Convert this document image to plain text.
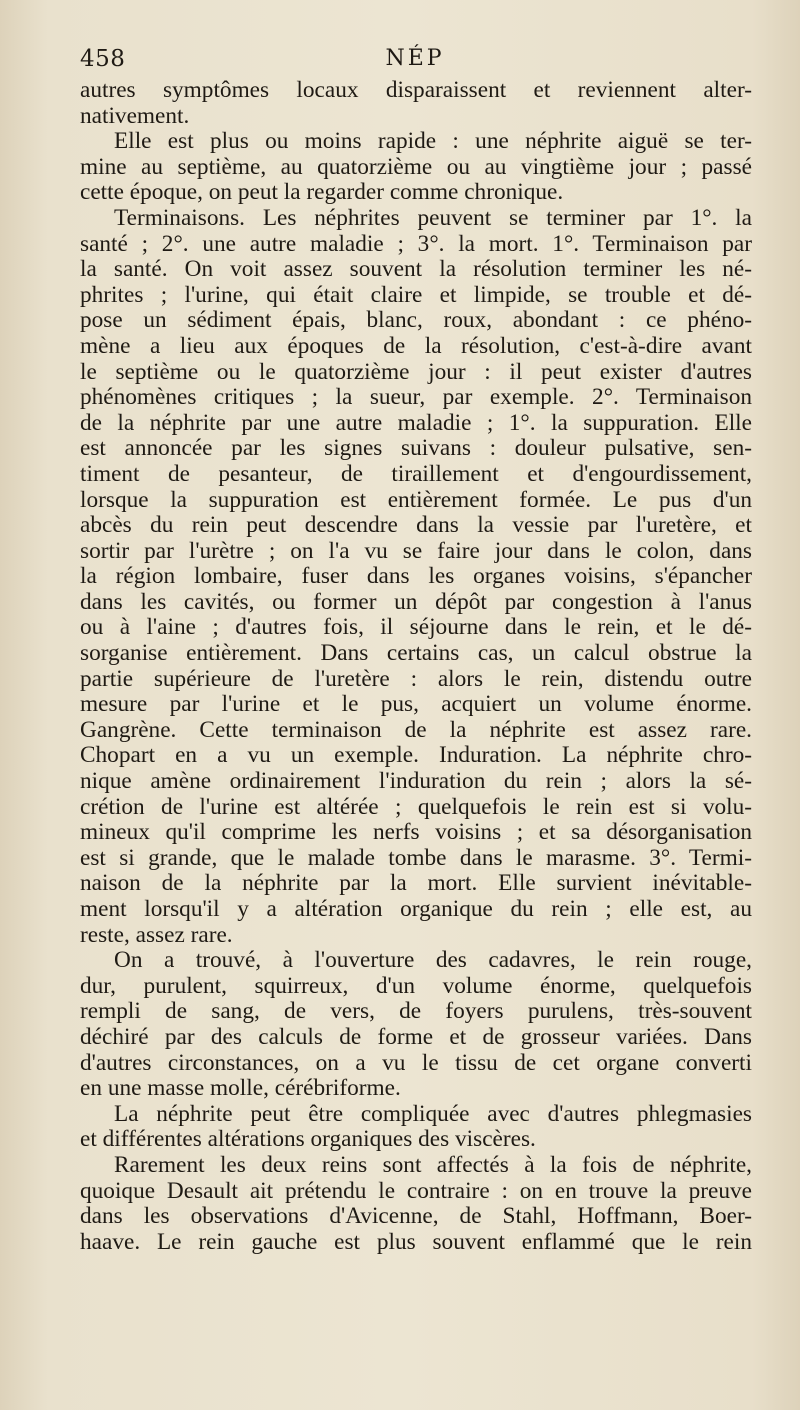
458	NÉP
autres symptômes locaux disparaissent et reviennent alter-
nativement.
Elle est plus ou moins rapide : une néphrite aiguë se ter-
mine au septième, au quatorzième ou au vingtième jour ; passé
cette époque, on peut la regarder comme chronique.
Terminaisons. Les néphrites peuvent se terminer par 1°. la
santé ; 2°. une autre maladie ; 3°. la mort. 1°. Terminaison par
la santé. On voit assez souvent la résolution terminer les né-
phrites ; l'urine, qui était claire et limpide, se trouble et dé-
pose un sédiment épais, blanc, roux, abondant : ce phéno-
mène a lieu aux époques de la résolution, c'est-à-dire avant
le septième ou le quatorzième jour : il peut exister d'autres
phénomènes critiques ; la sueur, par exemple. 2°. Terminaison
de la néphrite par une autre maladie ; 1°. la suppuration. Elle
est annoncée par les signes suivans : douleur pulsative, sen-
timent de pesanteur, de tiraillement et d'engourdissement,
lorsque la suppuration est entièrement formée. Le pus d'un
abcès du rein peut descendre dans la vessie par l'uretère, et
sortir par l'urètre ; on l'a vu se faire jour dans le colon, dans
la région lombaire, fuser dans les organes voisins, s'épancher
dans les cavités, ou former un dépôt par congestion à l'anus
ou à l'aine ; d'autres fois, il séjourne dans le rein, et le dé-
sorganise entièrement. Dans certains cas, un calcul obstrue la
partie supérieure de l'uretère : alors le rein, distendu outre
mesure par l'urine et le pus, acquiert un volume énorme.
Gangrène. Cette terminaison de la néphrite est assez rare.
Chopart en a vu un exemple. Induration. La néphrite chro-
nique amène ordinairement l'induration du rein ; alors la sé-
crétion de l'urine est altérée ; quelquefois le rein est si volu-
mineux qu'il comprime les nerfs voisins ; et sa désorganisation
est si grande, que le malade tombe dans le marasme. 3°. Termi-
naison de la néphrite par la mort. Elle survient inévitable-
ment lorsqu'il y a altération organique du rein ; elle est, au
reste, assez rare.
On a trouvé, à l'ouverture des cadavres, le rein rouge,
dur, purulent, squirreux, d'un volume énorme, quelquefois
rempli de sang, de vers, de foyers purulens, très-souvent
déchiré par des calculs de forme et de grosseur variées. Dans
d'autres circonstances, on a vu le tissu de cet organe converti
en une masse molle, cérébriforme.
La néphrite peut être compliquée avec d'autres phlegmasies
et différentes altérations organiques des viscères.
Rarement les deux reins sont affectés à la fois de néphrite,
quoique Desault ait prétendu le contraire : on en trouve la preuve
dans les observations d'Avicenne, de Stahl, Hoffmann, Boer-
haave. Le rein gauche est plus souvent enflammé que le rein
